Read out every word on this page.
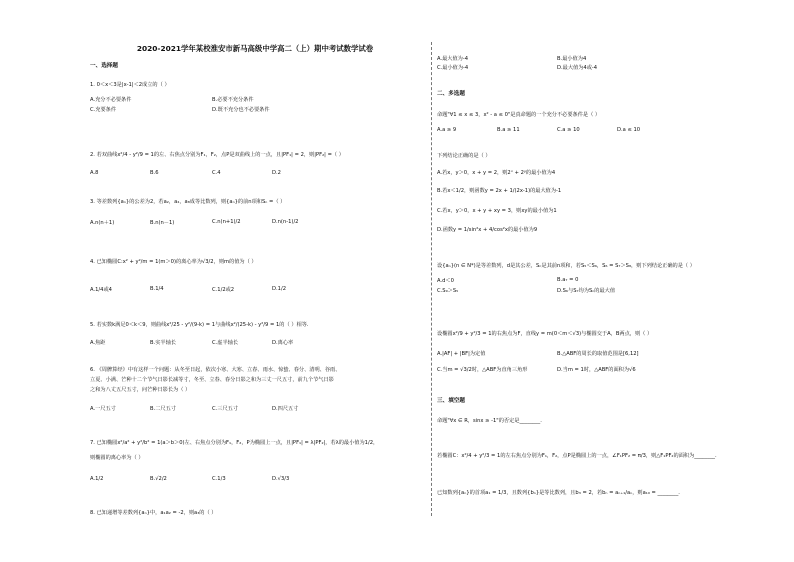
2020-2021学年某校淮安市新马高级中学高二（上）期中考试数学试卷
一、选择题
1. 0＜x＜3是|x-1|＜2成立的（ ）
A.充分不必要条件	B.必要不充分条件
C.充要条件	D.既不充分也不必要条件
2. 若双曲线x²/4 - y²/9 = 1的左、右焦点分别为F₁，F₂，点P是双曲线上的一点，且|PF₁| = 2，则|PF₂| =（ ）
A.8	B.6	C.4	D.2
3. 等差数列{aₙ}的公差为2，若a₂，a₄，a₈成等比数列，则{aₙ}的前n项和Sₙ =（ ）
A.n(n＋1)	B.n(n－1)	C.n(n+1)/2	D.n(n-1)/2
4. 已知椭圆C:x² + y²/m = 1(m＞0)的离心率为√3/2，则m的值为（ ）
A.1/4或4	B.1/4	C.1/2或2	D.1/2
5. 若实数k满足0＜k＜9，则曲线x²/25 - y²/(9-k) = 1与曲线x²/(25-k) - y²/9 = 1的（ ）相等.
A.焦距	B.实半轴长	C.虚半轴长	D.离心率
6. 《周髀算经》中有这样一个问题：从冬至日起，依次小寒、大寒、立春、雨水、惊蛰、春分、清明、谷雨、
立夏、小满、芒种十二个节气日影长减等寸，冬至、立春、春分日影之和为三丈一尺五寸，前九个节气日影
之和为八丈五尺五寸，问芒种日影长为（ ）
A.一尺五寸	B.二尺五寸	C.三尺五寸	D.四尺五寸
7. 已知椭圆x²/a² + y²/b² = 1(a＞b＞0)左、右焦点分别为F₁，F₂，P为椭圆上一点，且|PF₁| = λ|PF₂|，若λ的最小值为1/2，
则椭圆的离心率为（ ）
A.1/2	B.√2/2	C.1/3	D.√3/3
8. 已知递增等差数列{aₙ}中，a₁a₂ = -2，则a₃的（ ）
A.最大值为-4	B.最小值为4
C.最小值为-4	D.最大值为4或-4
二、多选题
命题"∀1 ≤ x ≤ 3，x² - a ≤ 0"是真命题的一个充分不必要条件是（ ）
A.a ≥ 9	B.a ≥ 11	C.a ≥ 10	D.a ≤ 10
下列结论正确的是（ ）
A.若x，y＞0，x + y = 2，则2ˣ + 2ʸ的最小值为4
B.若x＜1/2，则函数y = 2x + 1/(2x-1)的最大值为-1
C.若x，y＞0，x + y + xy = 3，则xy的最小值为1
D.函数y = 1/sin²x + 4/cos²x的最小值为9
设{aₙ}(n ∈ N*)是等差数列，d是其公差，Sₙ是其前n项和，若S₅＜S₆，S₆ = S₇＞S₈，则下列结论正确的是（ ）
A.d＜0	B.a₇ = 0
C.S₉＞S₅	D.S₆与S₇均为Sₙ的最大值
设椭圆x²/9 + y²/3 = 1的右焦点为F，直线y = m(0＜m＜√3)与椭圆交于A，B两点，则（ ）
A.|AF| + |BF|为定值	B.△ABF的周长的取值范围是[6,12]
C.当m = √3/2时，△ABF为直角三角形	D.当m = 1时，△ABF的面积为√6
三、填空题
命题"∀x ∈ R，sinx ≥ -1"的否定是________.
若椭圆C：x²/4 + y²/3 = 1的左右焦点分别为F₁，F₂，点P是椭圆上的一点，∠F₁PF₂ = π/3，则△F₁PF₂的面积为________.
已知数列{aₙ}的首项a₁ = 1/3，且数列{bₙ}是等比数列，且b₃ = 2，若bₙ = aₙ₊₁/aₙ，则a₁₀ = ________.
